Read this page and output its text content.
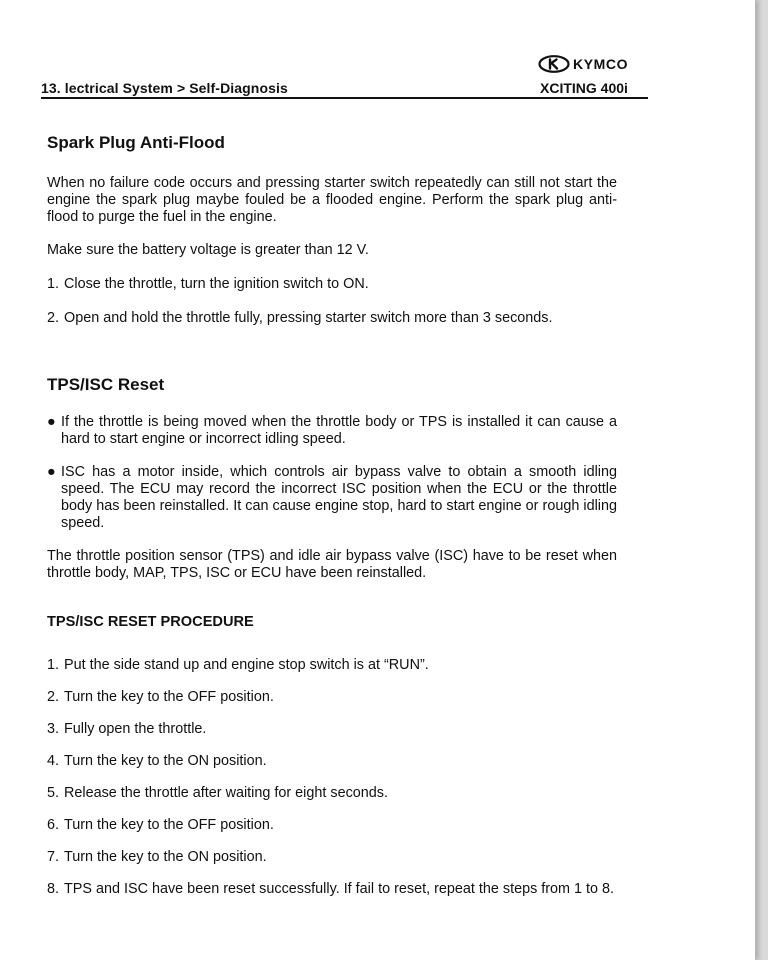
13. lectrical System > Self-Diagnosis
KYMCO
XCITING 400i
Spark Plug Anti-Flood

When no failure code occurs and pressing starter switch repeatedly can still not start the engine the spark plug maybe fouled be a flooded engine. Perform the spark plug anti-flood to purge the fuel in the engine.

Make sure the battery voltage is greater than 12 V.

1. Close the throttle, turn the ignition switch to ON.
2. Open and hold the throttle fully, pressing starter switch more than 3 seconds.
TPS/ISC Reset
● If the throttle is being moved when the throttle body or TPS is installed it can cause a hard to start engine or incorrect idling speed.
● ISC has a motor inside, which controls air bypass valve to obtain a smooth idling speed. The ECU may record the incorrect ISC position when the ECU or the throttle body has been reinstalled. It can cause engine stop, hard to start engine or rough idling speed.

The throttle position sensor (TPS) and idle air bypass valve (ISC) have to be reset when throttle body, MAP, TPS, ISC or ECU have been reinstalled.

TPS/ISC RESET PROCEDURE
1. Put the side stand up and engine stop switch is at “RUN”.
2. Turn the key to the OFF position.
3. Fully open the throttle.
4. Turn the key to the ON position.
5. Release the throttle after waiting for eight seconds.
6. Turn the key to the OFF position.
7. Turn the key to the ON position.
8. TPS and ISC have been reset successfully. If fail to reset, repeat the steps from 1 to 8.
